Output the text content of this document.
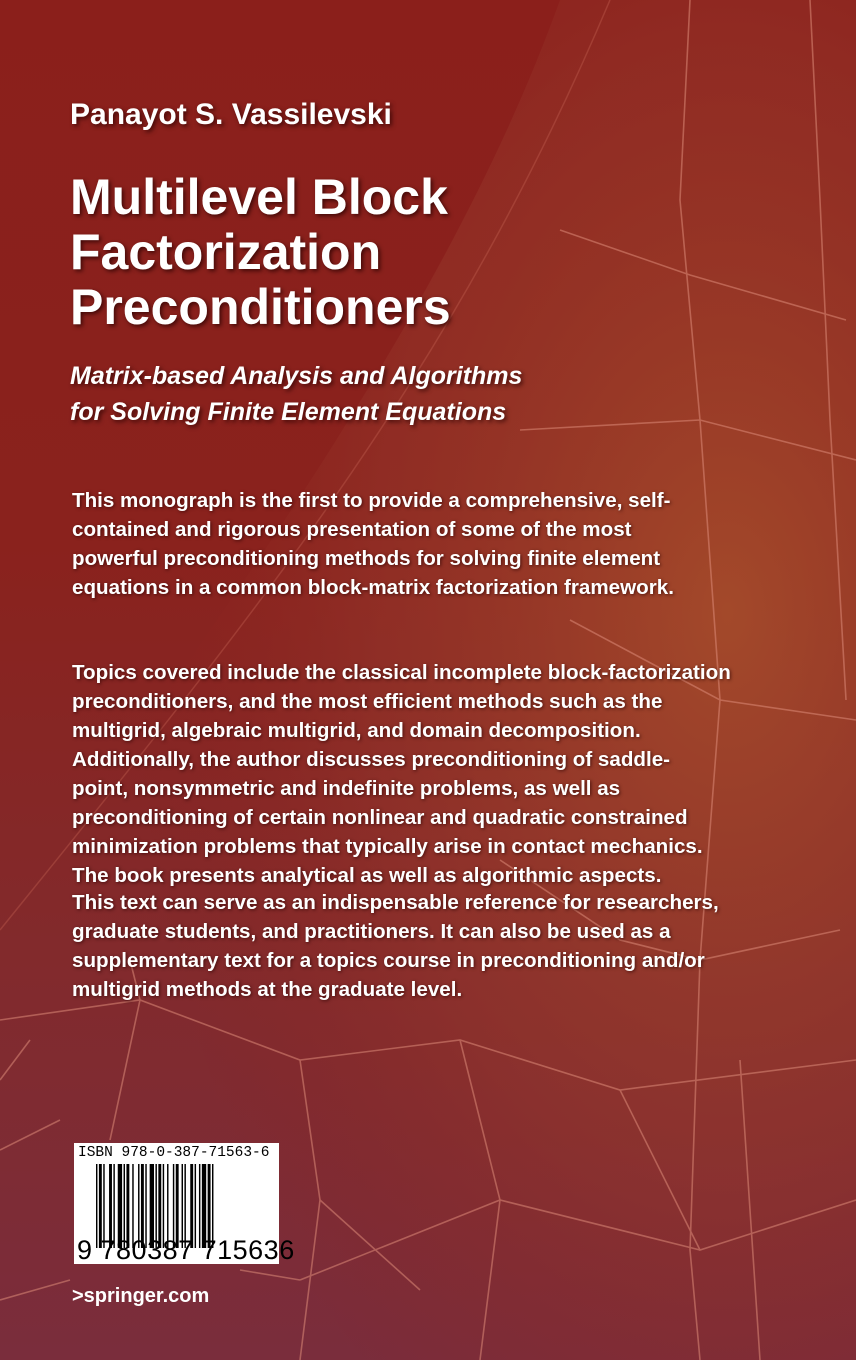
Panayot S. Vassilevski
Multilevel Block
Factorization
Preconditioners
Matrix-based Analysis and Algorithms
for Solving Finite Element Equations
This monograph is the first to provide a comprehensive, self-
contained and rigorous presentation of some of the most
powerful preconditioning methods for solving finite element
equations in a common block-matrix factorization framework.
Topics covered include the classical incomplete block-factorization
preconditioners, and the most efficient methods such as the
multigrid, algebraic multigrid, and domain decomposition.
Additionally, the author discusses preconditioning of saddle-
point, nonsymmetric and indefinite problems, as well as
preconditioning of certain nonlinear and quadratic constrained
minimization problems that typically arise in contact mechanics.
The book presents analytical as well as algorithmic aspects.
This text can serve as an indispensable reference for researchers,
graduate students, and practitioners. It can also be used as a
supplementary text for a topics course in preconditioning and/or
multigrid methods at the graduate level.
ISBN 978-0-387-71563-6
9 780387 715636
>springer.com
